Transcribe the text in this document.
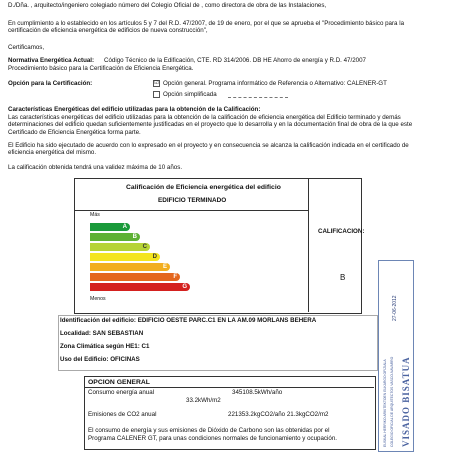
D./Dña. , arquitecto/ingeniero colegiado número del Colegio Oficial de , como directora de obra de las Instalaciones,
En cumplimiento a lo establecido en los artículos 5 y 7 del R.D. 47/2007, de 19 de enero, por el que se aprueba el "Procedimiento básico para la certificación de eficiencia energética de edificios de nueva construcción",
Certificamos,
Normativa Energética Actual: Código Técnico de la Edificación, CTE. RD 314/2006. DB HE Ahorro de energía y R.D. 47/2007
Procedimiento básico para la Certificación de Eficiencia Energética.
Opción para la Certificación:	☑ Opción general. Programa informático de Referencia o Alternativo: CALENER-GT
Opción simplificada
Características Energéticas del edificio utilizadas para la obtención de la Calificación:
Las características energéticas del edificio utilizadas para la obtención de la calificación de eficiencia energética del Edificio terminado y demás determinaciones del edificio quedan suficientemente justificadas en el proyecto que lo desarrolla y en la documentación final de obra de la que este Certificado de Eficiencia Energética forma parte.
El Edificio ha sido ejecutado de acuerdo con lo expresado en el proyecto y en consecuencia se alcanza la calificación indicada en el certificado de eficiencia energética del mismo.
La calificación obtenida tendrá una validez máxima de 10 años.
Calificación de Eficiencia energética del edificio
EDIFICIO TERMINADO
Más
Menos
A
B
C
D
E
F
G
CALIFICACION:
B
Identificación del edificio: EDIFICIO OESTE PARC.C1 EN LA AM.09 MORLANS BEHERA
Localidad: SAN SEBASTIAN
Zona Climática según HE1: C1
Uso del Edificio: OFICINAS
OPCION GENERAL
Consumo energía anual	345108.5kWh/año
33.2kWh/m2
Emisiones de CO2 anual	221353.2kgCO2/año 21.3kgCO2/m2
El consumo de energía y sus emisiones de Dióxido de Carbono son las obtenidas por el
Programa CALENER GT, para unas condiciones normales de funcionamiento y ocupación.	VISADO BISATUA
COLEGIO OFICIAL DE ARQUITECTOS VASCO-NAVARRO
EUSKAL HERRIKO ARKITEKTOEN ELKARGO OFIZIALA
27-06-2012
